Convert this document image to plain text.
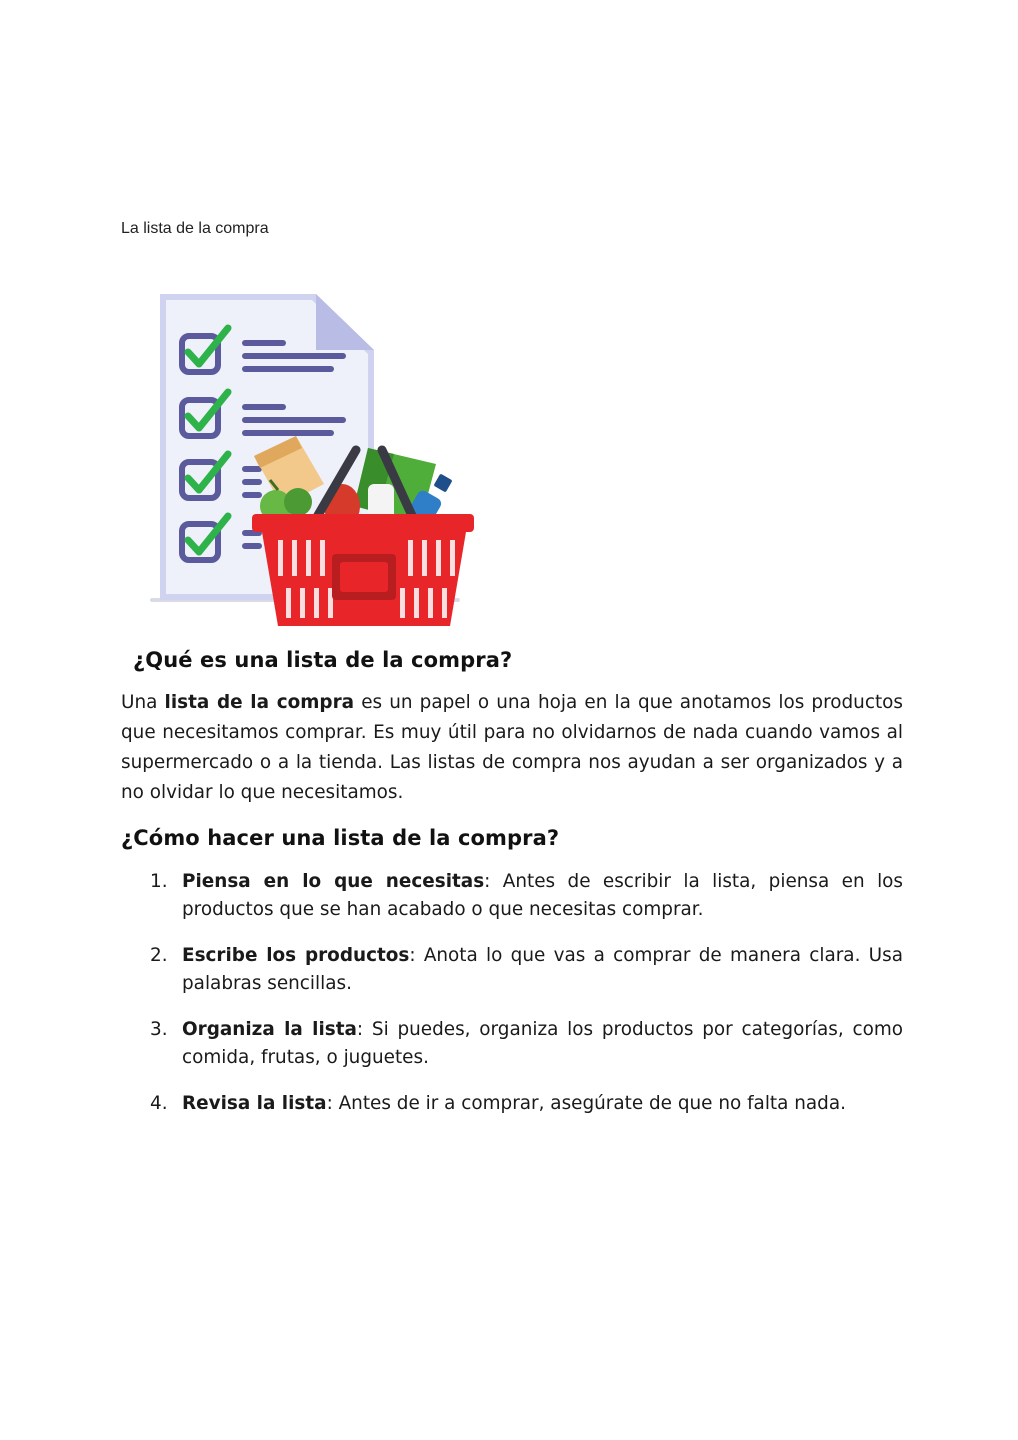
La lista de la compra
¿Qué es una lista de la compra?

Una lista de la compra es un papel o una hoja en la que anotamos los productos que necesitamos comprar. Es muy útil para no olvidarnos de nada cuando vamos al supermercado o a la tienda. Las listas de compra nos ayudan a ser organizados y a no olvidar lo que necesitamos.

¿Cómo hacer una lista de la compra?
1. Piensa en lo que necesitas: Antes de escribir la lista, piensa en los productos que se han acabado o que necesitas comprar.
2. Escribe los productos: Anota lo que vas a comprar de manera clara. Usa palabras sencillas.
3. Organiza la lista: Si puedes, organiza los productos por categorías, como comida, frutas, o juguetes.
4. Revisa la lista: Antes de ir a comprar, asegúrate de que no falta nada.
